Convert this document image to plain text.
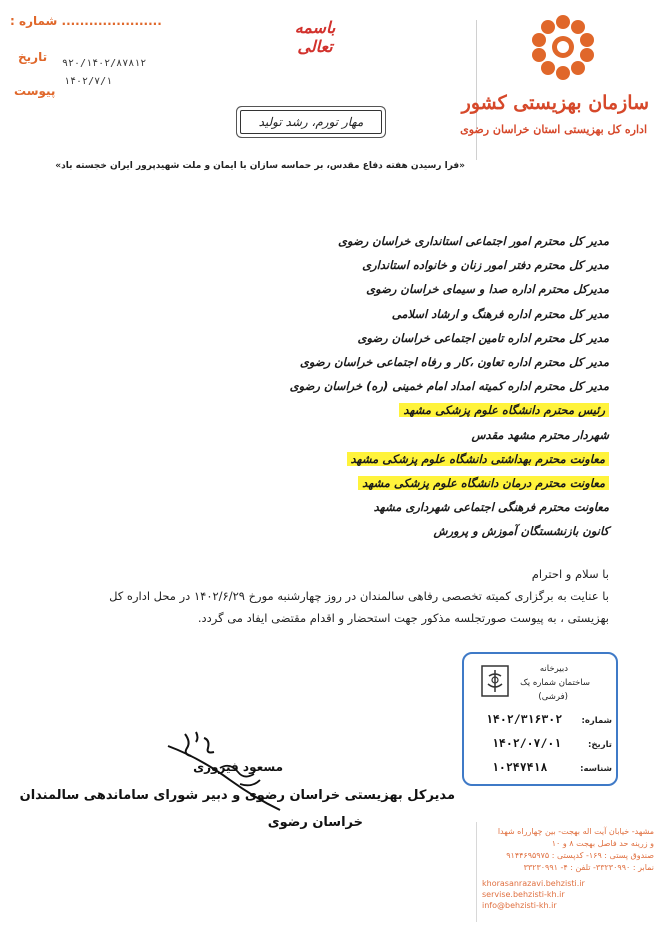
: شماره ......................
تاریخ
پیوست
۹۲۰/۱۴۰۲/۸۷۸۱۲
۱۴۰۲/۷/۱
باسمه تعالی
مهار تورم، رشد تولید
«فرا رسیدن هفته دفاع مقدس، بر حماسه سازان با ایمان و ملت شهیدپرور ایران خجسته باد»
سازمان بهزیستی کشور
اداره کل بهزیستی استان خراسان رضوی
مدیر کل محترم امور اجتماعی استانداری خراسان رضوی
مدیر کل محترم دفتر امور زنان و خانواده استانداری
مدیرکل محترم اداره صدا و سیمای خراسان رضوی
مدیر کل محترم اداره فرهنگ و ارشاد اسلامی
مدیر کل محترم اداره تامین اجتماعی خراسان رضوی
مدیر کل محترم اداره تعاون ،کار و رفاه اجتماعی خراسان رضوی
مدیر کل محترم اداره کمیته امداد امام خمینی (ره) خراسان رضوی
رئیس محترم دانشگاه علوم پزشکی مشهد
شهردار محترم مشهد مقدس
معاونت محترم بهداشتی دانشگاه علوم پزشکی مشهد
معاونت محترم درمان دانشگاه علوم پزشکی مشهد
معاونت محترم فرهنگی اجتماعی شهرداری مشهد
کانون بازنشستگان آموزش و پرورش
با سلام و احترام
با عنایت به برگزاری کمیته تخصصی رفاهی سالمندان در روز چهارشنبه مورخ ۱۴۰۲/۶/۲۹ در محل اداره کل
بهزیستی ، به پیوست صورتجلسه مذکور جهت استحضار و اقدام مقتضی ایفاد می گردد.
دبیرخانه
ساختمان شماره یک
(فرشی)
شماره:
۱۴۰۲/۳۱۶۳۰۲
تاریخ:
۱۴۰۲/۰۷/۰۱
شناسه:
۱۰۲۴۷۴۱۸
مسعود فیروزی
مدیرکل بهزیستی خراسان رضوی و دبیر شورای ساماندهی سالمندان
خراسان رضوی
مشهد- خیابان آیت اله بهجت- بین چهارراه شهدا
و زرینه حد فاصل بهجت ۸ و ۱۰
صندوق پستی : ۱۶۹- کدپستی : ۹۱۴۴۶۹۵۹۷۵
نمابر : ۳۳۲۳۰۹۹۰- تلفن : ۴- ۳۳۲۳۰۹۹۱
khorasanrazavi.behzisti.ir
servise.behzisti-kh.ir
info@behzisti-kh.ir
